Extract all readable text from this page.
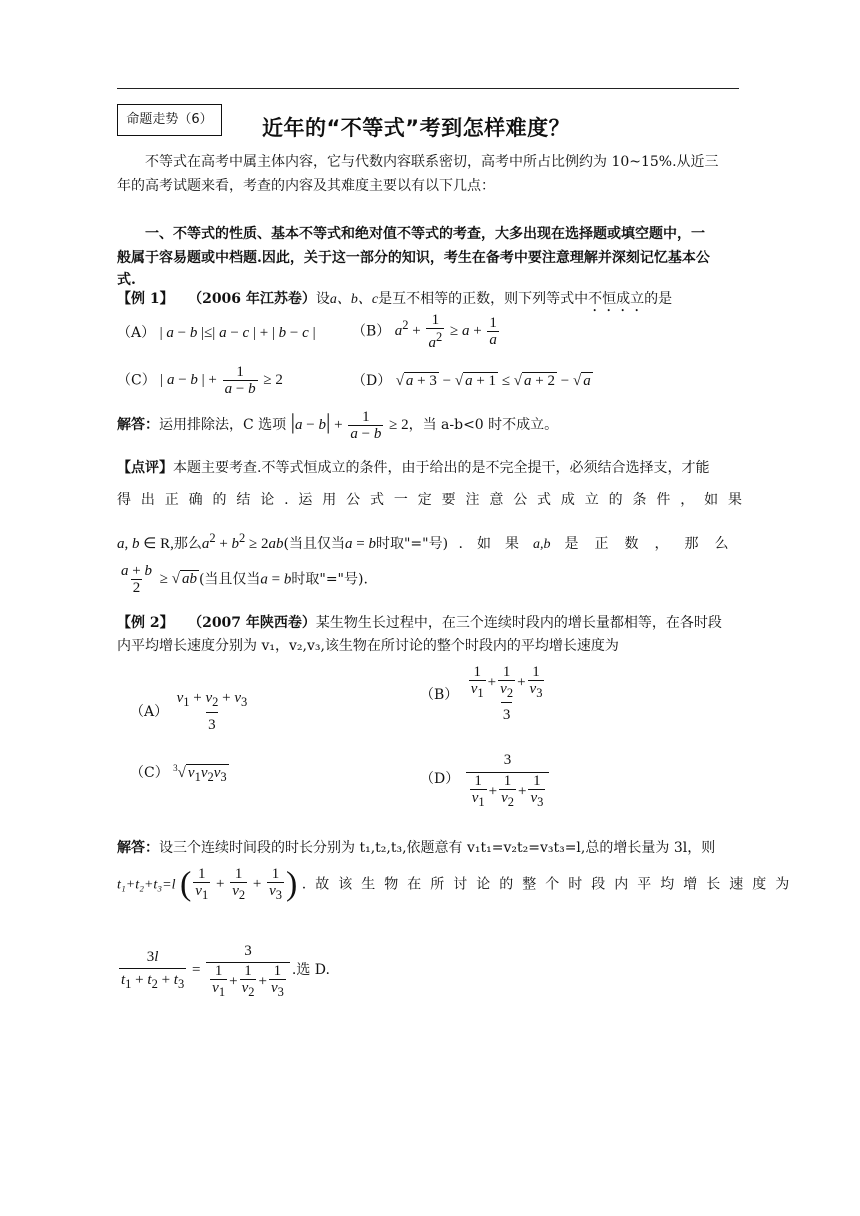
命题走势（6）	近年的“不等式”考到怎样难度？
不等式在高考中属主体内容，它与代数内容联系密切，高考中所占比例约为 10~15%.从近三
年的高考试题来看，考查的内容及其难度主要以有以下几点：
一、不等式的性质、基本不等式和绝对值不等式的考查，大多出现在选择题或填空题中，一
般属于容易题或中档题.因此，关于这一部分的知识，考生在备考中要注意理解并深刻记忆基本公
式.
【例 1】 （2006 年江苏卷）设a、b、c是互不相等的正数，则下列等式中不恒成立的是
（A） | a − b |≤| a − c | + | b − c |	（B） $a^2 + \frac{1}{a^2} \ge a + \frac{1}{a}$
（C） | a − b | + $\frac{1}{a - b} \ge 2$	（D） √ a + 3 − √ a + 1 ≤ √ a + 2 − √ a
解答：运用排除法，C 选项 $|a - b| + \frac{1}{a - b} \ge 2$，当 a-b<0 时不成立。
【点评】本题主要考查.不等式恒成立的条件，由于给出的是不完全提干，必须结合选择支，才能
得出正确的结论.运用公式一定要注意公式成立的条件，如果
a, b ∈ R,那么$a^2 + b^2 \ge 2ab$(当且仅当a = b时取"="号) .如果a,b 是正数，那么
$\frac{a + b}{2}$ ≥ √ ab (当且仅当a = b时取"="号).
【例 2】 （2007 年陕西卷）某生物生长过程中，在三个连续时段内的增长量都相等，在各时段
内平均增长速度分别为 v₁，v₂,v₃,该生物在所讨论的整个时段内的平均增长速度为
$(A) \frac{v_1 + v_2 + v_3}{3}$	$(B) \frac{\frac{1}{v_1} + \frac{1}{v_2} + \frac{1}{v_3}}{3}$
（C） $^3$√ $v_1v_2v_3$	$(D) \frac{3}{\frac{1}{v_1} + \frac{1}{v_2} + \frac{1}{v_3}}$
解答：设三个连续时间段的时长分别为 t₁,t₂,t₃,依题意有 v₁t₁=v₂t₂=v₃t₃=l,总的增长量为 3l，则
t₁+t₂+t₃=l ( $\frac{1}{v_1} + \frac{1}{v_2} + \frac{1}{v_3}$ ) .故该生物在所讨论的整个时段内平均增长速度为
$\frac{3l}{t_1 + t_2 + t_3} = \frac{3}{\frac{1}{v_1} + \frac{1}{v_2} + \frac{1}{v_3}}$ .选 D.
